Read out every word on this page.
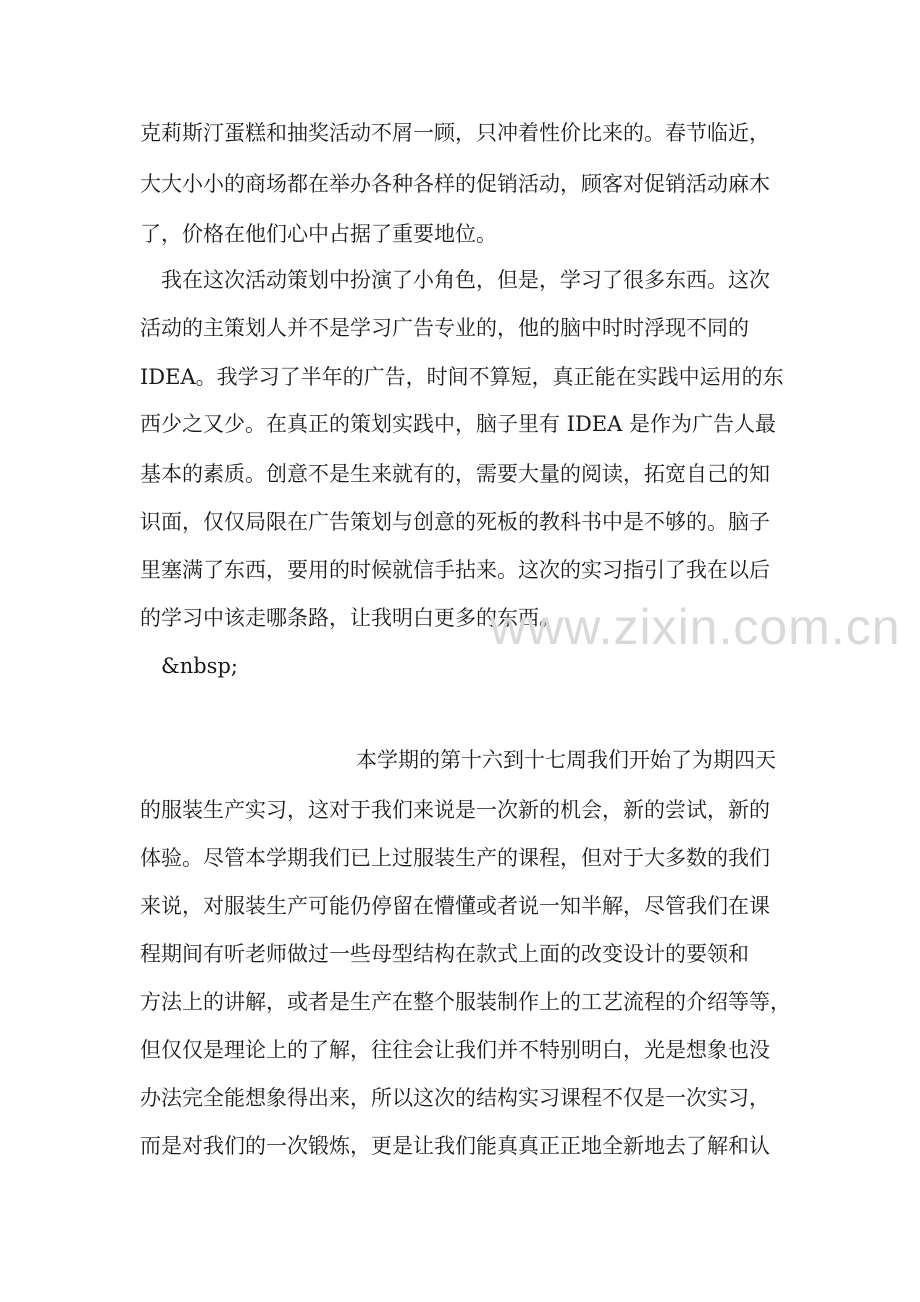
克莉斯汀蛋糕和抽奖活动不屑一顾，只冲着性价比来的。春节临近，
大大小小的商场都在举办各种各样的促销活动，顾客对促销活动麻木
了，价格在他们心中占据了重要地位。
我在这次活动策划中扮演了小角色，但是，学习了很多东西。这次
活动的主策划人并不是学习广告专业的，他的脑中时时浮现不同的
IDEA。我学习了半年的广告，时间不算短，真正能在实践中运用的东
西少之又少。在真正的策划实践中，脑子里有 IDEA 是作为广告人最
基本的素质。创意不是生来就有的，需要大量的阅读，拓宽自己的知
识面，仅仅局限在广告策划与创意的死板的教科书中是不够的。脑子
里塞满了东西，要用的时候就信手拈来。这次的实习指引了我在以后
的学习中该走哪条路，让我明白更多的东西。
&nbsp;
本学期的第十六到十七周我们开始了为期四天
的服装生产实习，这对于我们来说是一次新的机会，新的尝试，新的
体验。尽管本学期我们已上过服装生产的课程，但对于大多数的我们
来说，对服装生产可能仍停留在懵懂或者说一知半解，尽管我们在课
程期间有听老师做过一些母型结构在款式上面的改变设计的要领和
方法上的讲解，或者是生产在整个服装制作上的工艺流程的介绍等等，
但仅仅是理论上的了解，往往会让我们并不特别明白，光是想象也没
办法完全能想象得出来，所以这次的结构实习课程不仅是一次实习，
而是对我们的一次锻炼，更是让我们能真真正正地全新地去了解和认
www.zixin.com.cn
